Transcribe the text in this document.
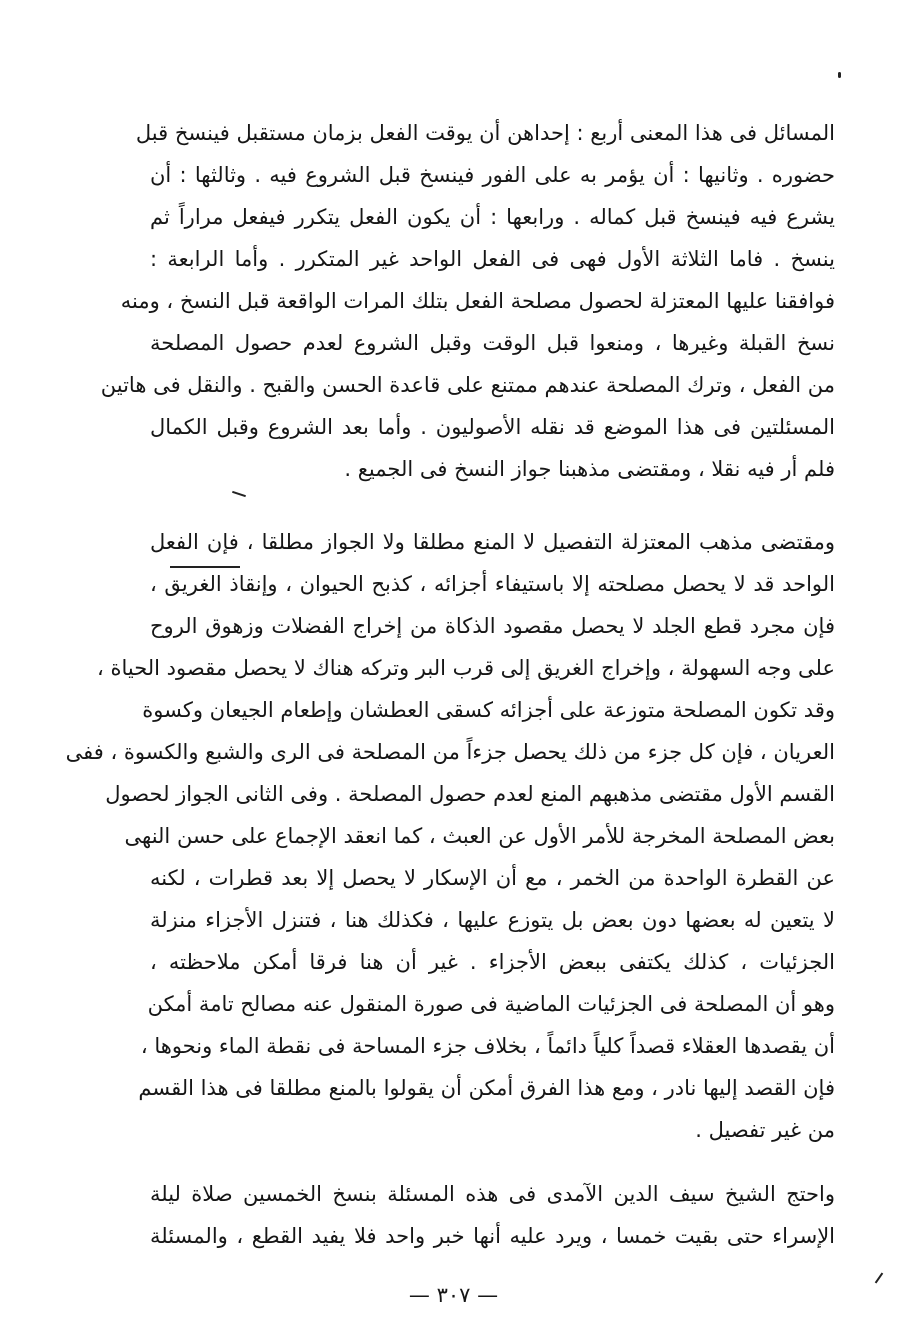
المسائل فى هذا المعنى أربع : إحداهن أن يوقت الفعل بزمان مستقبل فينسخ قبل
حضوره . وثانيها : أن يؤمر به على الفور فينسخ قبل الشروع فيه . وثالثها : أن
يشرع فيه فينسخ قبل كماله . ورابعها : أن يكون الفعل يتكرر فيفعل مراراً ثم
ينسخ . فاما الثلاثة الأول فهى فى الفعل الواحد غير المتكرر . وأما الرابعة :
فوافقنا عليها المعتزلة لحصول مصلحة الفعل بتلك المرات الواقعة قبل النسخ ، ومنه
نسخ القبلة وغيرها ، ومنعوا قبل الوقت وقبل الشروع لعدم حصول المصلحة
من الفعل ، وترك المصلحة عندهم ممتنع على قاعدة الحسن والقبح . والنقل فى هاتين
المسئلتين فى هذا الموضع قد نقله الأصوليون . وأما بعد الشروع وقبل الكمال
فلم أر فيه نقلا ، ومقتضى مذهبنا جواز النسخ فى الجميع .
ومقتضى مذهب المعتزلة التفصيل لا المنع مطلقا ولا الجواز مطلقا ، فإن الفعل
الواحد قد لا يحصل مصلحته إلا باستيفاء أجزائه ، كذبح الحيوان ، وإنقاذ الغريق ،
فإن مجرد قطع الجلد لا يحصل مقصود الذكاة من إخراج الفضلات وزهوق الروح
على وجه السهولة ، وإخراج الغريق إلى قرب البر وتركه هناك لا يحصل مقصود الحياة ،
وقد تكون المصلحة متوزعة على أجزائه كسقى العطشان وإطعام الجيعان وكسوة
العريان ، فإن كل جزء من ذلك يحصل جزءاً من المصلحة فى الرى والشبع والكسوة ، ففى
القسم الأول مقتضى مذهبهم المنع لعدم حصول المصلحة . وفى الثانى الجواز لحصول
بعض المصلحة المخرجة للأمر الأول عن العبث ، كما انعقد الإجماع على حسن النهى
عن القطرة الواحدة من الخمر ، مع أن الإسكار لا يحصل إلا بعد قطرات ، لكنه
لا يتعين له بعضها دون بعض بل يتوزع عليها ، فكذلك هنا ، فتنزل الأجزاء منزلة
الجزئيات ، كذلك يكتفى ببعض الأجزاء . غير أن هنا فرقا أمكن ملاحظته ،
وهو أن المصلحة فى الجزئيات الماضية فى صورة المنقول عنه مصالح تامة أمكن
أن يقصدها العقلاء قصداً كلياً دائماً ، بخلاف جزء المساحة فى نقطة الماء ونحوها ،
فإن القصد إليها نادر ، ومع هذا الفرق أمكن أن يقولوا بالمنع مطلقا فى هذا القسم
من غير تفصيل .
واحتج الشيخ سيف الدين الآمدى فى هذه المسئلة بنسخ الخمسين صلاة ليلة
الإسراء حتى بقيت خمسا ، ويرد عليه أنها خبر واحد فلا يفيد القطع ، والمسئلة
— ٣٠٧ —
